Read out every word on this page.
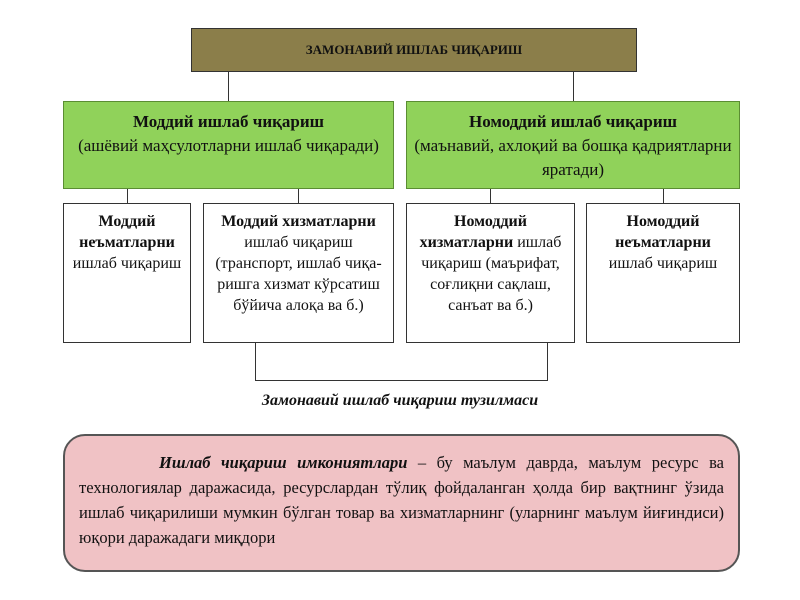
ЗАМОНАВИЙ ИШЛАБ ЧИҚАРИШ
Моддий ишлаб чиқариш
(ашёвий маҳсулотларни ишлаб чиқаради)
Номоддий ишлаб чиқариш
(маънавий, ахлоқий ва бошқа қадриятларни яратади)
Моддий неъматларни ишлаб чиқариш
Моддий хизматларни ишлаб чиқариш (транспорт, ишлаб чиқа-ришга хизмат кўрсатиш бўйича алоқа ва б.)
Номоддий хизматларни ишлаб чиқариш (маърифат, соғлиқни сақлаш, санъат ва б.)
Номоддий неъматларни ишлаб чиқариш
Замонавий ишлаб чиқариш тузилмаси
Ишлаб чиқариш имкониятлари – бу маълум даврда, маълум ресурс ва технологиялар даражасида, ресурслардан тўлиқ фойдаланган ҳолда бир вақтнинг ўзида ишлаб чиқарилиши мумкин бўлган товар ва хизматларнинг (уларнинг маълум йиғиндиси) юқори даражадаги миқдори
